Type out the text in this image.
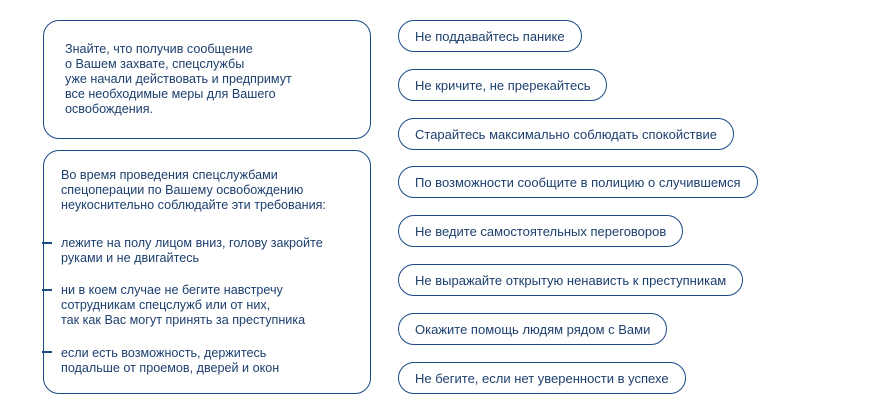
Знайте, что получив сообщение
о Вашем захвате, спецслужбы
уже начали действовать и предпримут
все необходимые меры для Вашего
освобождения.
Во время проведения спецслужбами
спецоперации по Вашему освобождению
неукоснительно соблюдайте эти требования:
лежите на полу лицом вниз, голову закройте
руками и не двигайтесь
ни в коем случае не бегите навстречу
сотрудникам спецслужб или от них,
так как Вас могут принять за преступника
если есть возможность, держитесь
подальше от проемов, дверей и окон
Не поддавайтесь панике
Не кричите, не пререкайтесь
Старайтесь максимально соблюдать спокойствие
По возможности сообщите в полицию о случившемся
Не ведите самостоятельных переговоров
Не выражайте открытую ненависть к преступникам
Окажите помощь людям рядом с Вами
Не бегите, если нет уверенности в успехе
